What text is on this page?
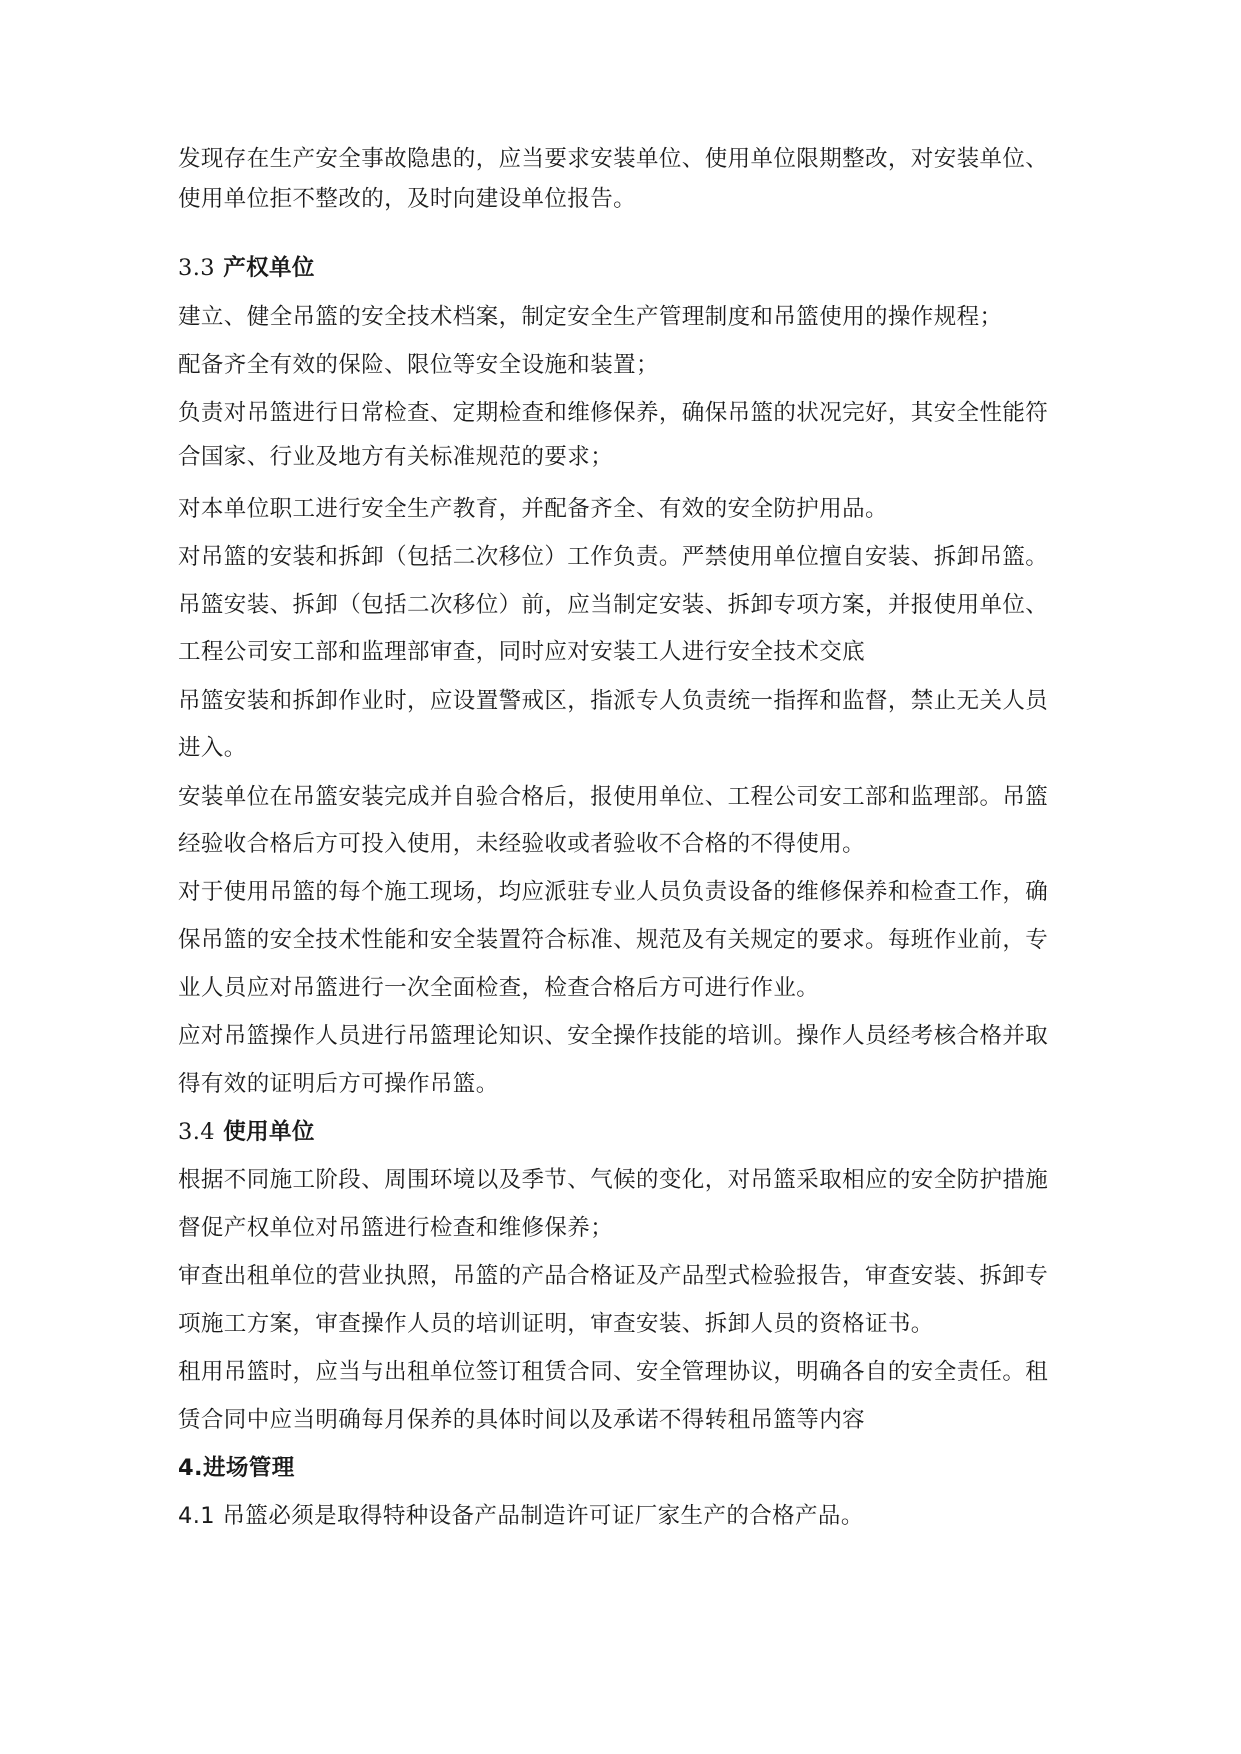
发现存在生产安全事故隐患的，应当要求安装单位、使用单位限期整改，对安装单位、
使用单位拒不整改的，及时向建设单位报告。
3.3 产权单位
建立、健全吊篮的安全技术档案，制定安全生产管理制度和吊篮使用的操作规程；
配备齐全有效的保险、限位等安全设施和装置；
负责对吊篮进行日常检查、定期检查和维修保养，确保吊篮的状况完好，其安全性能符
合国家、行业及地方有关标准规范的要求；
对本单位职工进行安全生产教育，并配备齐全、有效的安全防护用品。
对吊篮的安装和拆卸（包括二次移位）工作负责。严禁使用单位擅自安装、拆卸吊篮。
吊篮安装、拆卸（包括二次移位）前，应当制定安装、拆卸专项方案，并报使用单位、
工程公司安工部和监理部审查，同时应对安装工人进行安全技术交底
吊篮安装和拆卸作业时，应设置警戒区，指派专人负责统一指挥和监督，禁止无关人员
进入。
安装单位在吊篮安装完成并自验合格后，报使用单位、工程公司安工部和监理部。吊篮
经验收合格后方可投入使用，未经验收或者验收不合格的不得使用。
对于使用吊篮的每个施工现场，均应派驻专业人员负责设备的维修保养和检查工作，确
保吊篮的安全技术性能和安全装置符合标准、规范及有关规定的要求。每班作业前，专
业人员应对吊篮进行一次全面检查，检查合格后方可进行作业。
应对吊篮操作人员进行吊篮理论知识、安全操作技能的培训。操作人员经考核合格并取
得有效的证明后方可操作吊篮。
3.4 使用单位
根据不同施工阶段、周围环境以及季节、气候的变化，对吊篮采取相应的安全防护措施
督促产权单位对吊篮进行检查和维修保养；
审查出租单位的营业执照，吊篮的产品合格证及产品型式检验报告，审查安装、拆卸专
项施工方案，审查操作人员的培训证明，审查安装、拆卸人员的资格证书。
租用吊篮时，应当与出租单位签订租赁合同、安全管理协议，明确各自的安全责任。租
赁合同中应当明确每月保养的具体时间以及承诺不得转租吊篮等内容
4.进场管理
4.1 吊篮必须是取得特种设备产品制造许可证厂家生产的合格产品。
